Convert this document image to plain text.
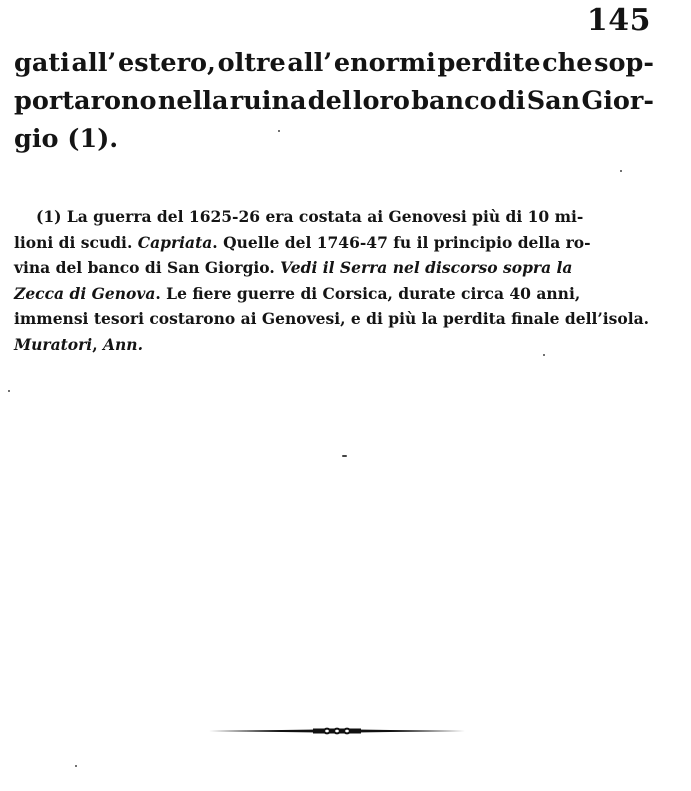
145
gati all’ estero, oltre all’ enormi perdite che sop-
portarono nella ruina del loro banco di San Gior-
gio (1).
(1) La guerra del 1625-26 era costata ai Genovesi più di 10 mi-
lioni di scudi. Capriata. Quelle del 1746-47 fu il principio della ro-
vina del banco di San Giorgio. Vedi il Serra nel discorso sopra la
Zecca di Genova. Le fiere guerre di Corsica, durate circa 40 anni,
immensi tesori costarono ai Genovesi, e di più la perdita finale dell’isola.
Muratori, Ann.
